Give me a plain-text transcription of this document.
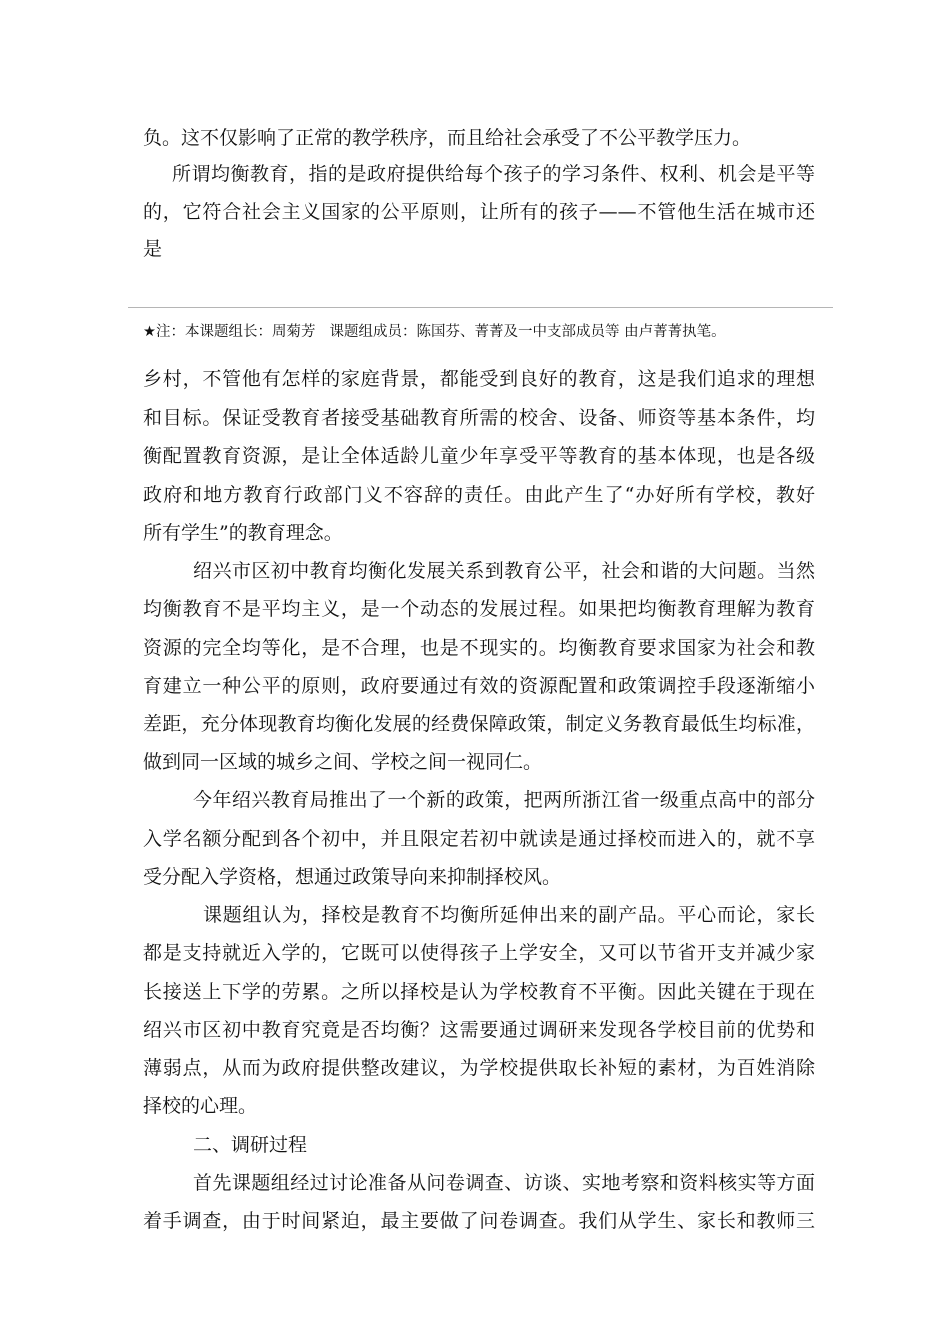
负。这不仅影响了正常的教学秩序，而且给社会承受了不公平教学压力。
所谓均衡教育，指的是政府提供给每个孩子的学习条件、权利、机会是平等
的，它符合社会主义国家的公平原则，让所有的孩子——不管他生活在城市还
是
★注：本课题组长：周菊芳 课题组成员：陈国芬、菁菁及一中支部成员等 由卢菁菁执笔。
乡村，不管他有怎样的家庭背景，都能受到良好的教育，这是我们追求的理想
和目标。保证受教育者接受基础教育所需的校舍、设备、师资等基本条件，均
衡配置教育资源，是让全体适龄儿童少年享受平等教育的基本体现，也是各级
政府和地方教育行政部门义不容辞的责任。由此产生了“办好所有学校，教好
所有学生”的教育理念。
绍兴市区初中教育均衡化发展关系到教育公平，社会和谐的大问题。当然
均衡教育不是平均主义，是一个动态的发展过程。如果把均衡教育理解为教育
资源的完全均等化，是不合理，也是不现实的。均衡教育要求国家为社会和教
育建立一种公平的原则，政府要通过有效的资源配置和政策调控手段逐渐缩小
差距，充分体现教育均衡化发展的经费保障政策，制定义务教育最低生均标准，
做到同一区域的城乡之间、学校之间一视同仁。
今年绍兴教育局推出了一个新的政策，把两所浙江省一级重点高中的部分
入学名额分配到各个初中，并且限定若初中就读是通过择校而进入的，就不享
受分配入学资格，想通过政策导向来抑制择校风。
课题组认为，择校是教育不均衡所延伸出来的副产品。平心而论，家长
都是支持就近入学的，它既可以使得孩子上学安全，又可以节省开支并减少家
长接送上下学的劳累。之所以择校是认为学校教育不平衡。因此关键在于现在
绍兴市区初中教育究竟是否均衡？这需要通过调研来发现各学校目前的优势和
薄弱点，从而为政府提供整改建议，为学校提供取长补短的素材，为百姓消除
择校的心理。
二、调研过程
首先课题组经过讨论准备从问卷调查、访谈、实地考察和资料核实等方面
着手调查，由于时间紧迫，最主要做了问卷调查。我们从学生、家长和教师三
